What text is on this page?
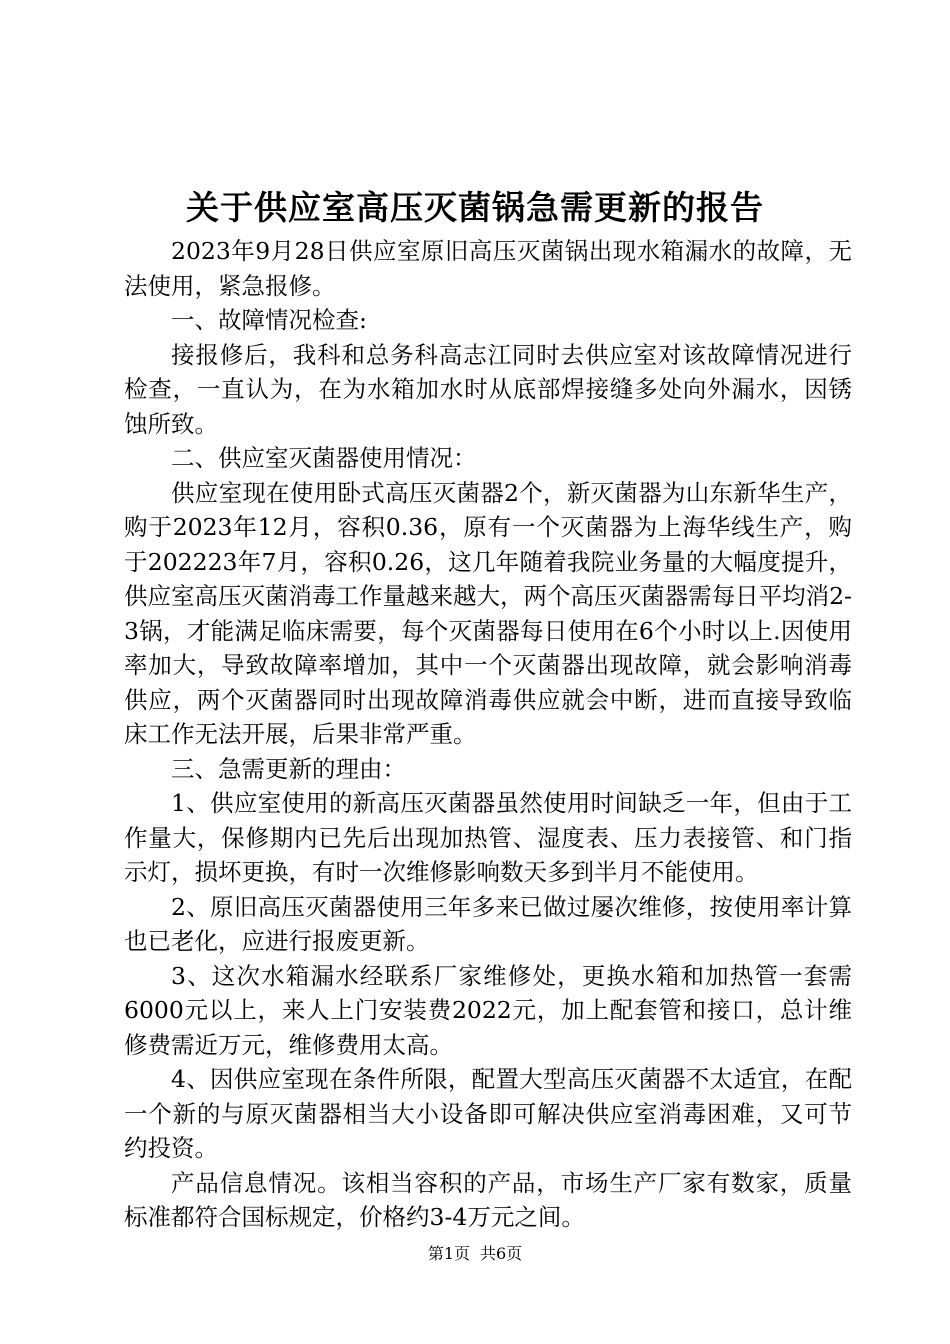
关于供应室高压灭菌锅急需更新的报告

2023年9月28日供应室原旧高压灭菌锅出现水箱漏水的故障，无法使用，紧急报修。

一、故障情况检查:

接报修后，我科和总务科高志江同时去供应室对该故障情况进行检查，一直认为，在为水箱加水时从底部焊接缝多处向外漏水，因锈蚀所致。

二、供应室灭菌器使用情况：

供应室现在使用卧式高压灭菌器2个，新灭菌器为山东新华生产，购于2023年12月，容积0.36，原有一个灭菌器为上海华线生产，购于202223年7月，容积0.26，这几年随着我院业务量的大幅度提升，供应室高压灭菌消毒工作量越来越大，两个高压灭菌器需每日平均消2-3锅，才能满足临床需要，每个灭菌器每日使用在6个小时以上.因使用率加大，导致故障率增加，其中一个灭菌器出现故障，就会影响消毒供应，两个灭菌器同时出现故障消毒供应就会中断，进而直接导致临床工作无法开展，后果非常严重。

三、急需更新的理由：

1、供应室使用的新高压灭菌器虽然使用时间缺乏一年，但由于工作量大，保修期内已先后出现加热管、湿度表、压力表接管、和门指示灯，损坏更换，有时一次维修影响数天多到半月不能使用。

2、原旧高压灭菌器使用三年多来已做过屡次维修，按使用率计算也已老化，应进行报废更新。

3、这次水箱漏水经联系厂家维修处，更换水箱和加热管一套需6000元以上，来人上门安装费2022元，加上配套管和接口，总计维修费需近万元，维修费用太高。

4、因供应室现在条件所限，配置大型高压灭菌器不太适宜，在配一个新的与原灭菌器相当大小设备即可解决供应室消毒困难，又可节约投资。

产品信息情况。该相当容积的产品，市场生产厂家有数家，质量标准都符合国标规定，价格约3-4万元之间。

第1页 共6页
